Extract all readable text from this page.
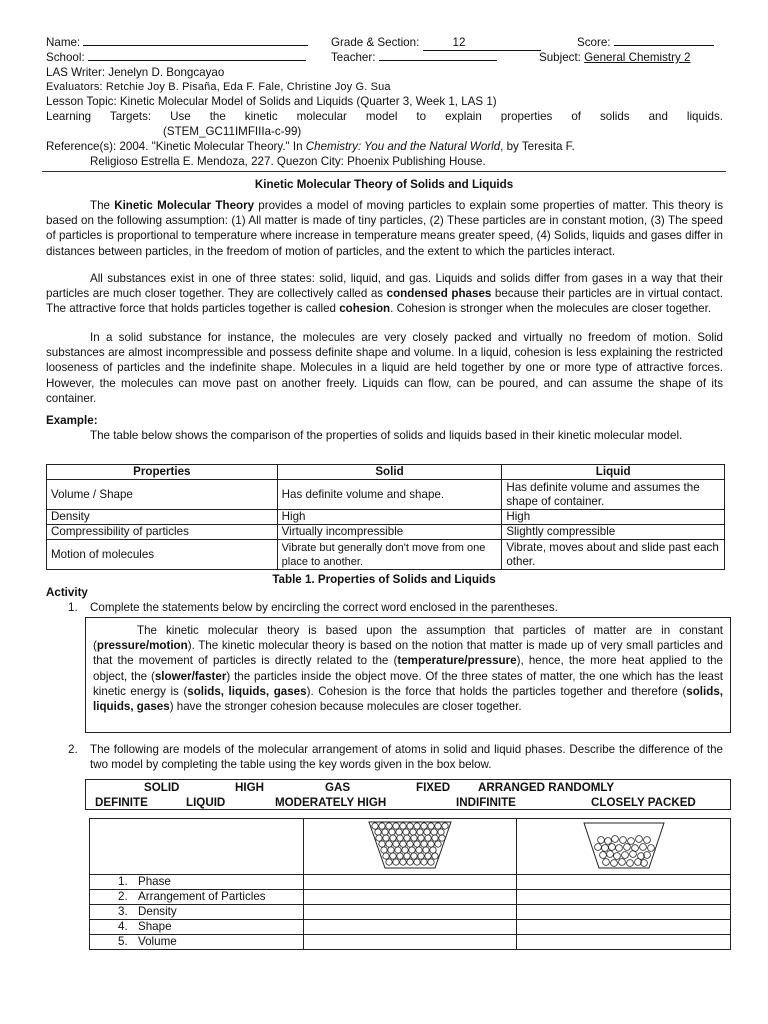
Name:	Grade & Section:	12	Score:
School:	Teacher:	Subject: General Chemistry 2
LAS Writer: Jenelyn D. Bongcayao
Evaluators: Retchie Joy B. Pisaña, Eda F. Fale, Christine Joy G. Sua
Lesson Topic: Kinetic Molecular Model of Solids and Liquids (Quarter 3, Week 1, LAS 1)
Learning Targets: Use the kinetic molecular model to explain properties of solids and liquids.
(STEM_GC11IMFIIIa-c-99)
Reference(s): 2004. "Kinetic Molecular Theory." In Chemistry: You and the Natural World, by Teresita F.
Religioso Estrella E. Mendoza, 227. Quezon City: Phoenix Publishing House.
Kinetic Molecular Theory of Solids and Liquids
The Kinetic Molecular Theory provides a model of moving particles to explain some properties of matter. This theory is based on the following assumption: (1) All matter is made of tiny particles, (2) These particles are in constant motion, (3) The speed of particles is proportional to temperature where increase in temperature means greater speed, (4) Solids, liquids and gases differ in distances between particles, in the freedom of motion of particles, and the extent to which the particles interact.
All substances exist in one of three states: solid, liquid, and gas. Liquids and solids differ from gases in a way that their particles are much closer together. They are collectively called as condensed phases because their particles are in virtual contact. The attractive force that holds particles together is called cohesion. Cohesion is stronger when the molecules are closer together.
In a solid substance for instance, the molecules are very closely packed and virtually no freedom of motion. Solid substances are almost incompressible and possess definite shape and volume. In a liquid, cohesion is less explaining the restricted looseness of particles and the indefinite shape. Molecules in a liquid are held together by one or more type of attractive forces. However, the molecules can move past on another freely. Liquids can flow, can be poured, and can assume the shape of its container.
Example:
The table below shows the comparison of the properties of solids and liquids based in their kinetic molecular model.
Properties	Solid	Liquid
Volume / Shape	Has definite volume and shape.	Has definite volume and assumes the shape of container.
Density	High	High
Compressibility of particles	Virtually incompressible	Slightly compressible
Motion of molecules	Vibrate but generally don't move from one place to another.	Vibrate, moves about and slide past each other.
Table 1. Properties of Solids and Liquids
Activity
1. Complete the statements below by encircling the correct word enclosed in the parentheses.
The kinetic molecular theory is based upon the assumption that particles of matter are in constant (pressure/motion). The kinetic molecular theory is based on the notion that matter is made up of very small particles and that the movement of particles is directly related to the (temperature/pressure), hence, the more heat applied to the object, the (slower/faster) the particles inside the object move. Of the three states of matter, the one which has the least kinetic energy is (solids, liquids, gases). Cohesion is the force that holds the particles together and therefore (solids, liquids, gases) have the stronger cohesion because molecules are closer together.
2. The following are models of the molecular arrangement of atoms in solid and liquid phases. Describe the difference of the two model by completing the table using the key words given in the box below.
SOLID	HIGH	GAS	FIXED ARRANGED RANDOMLY
DEFINITE	LIQUID	MODERATELY HIGH	INDIFINITE	CLOSELY PACKED

1. Phase		
2. Arrangement of Particles		
3. Density		
4. Shape		
5. Volume		
